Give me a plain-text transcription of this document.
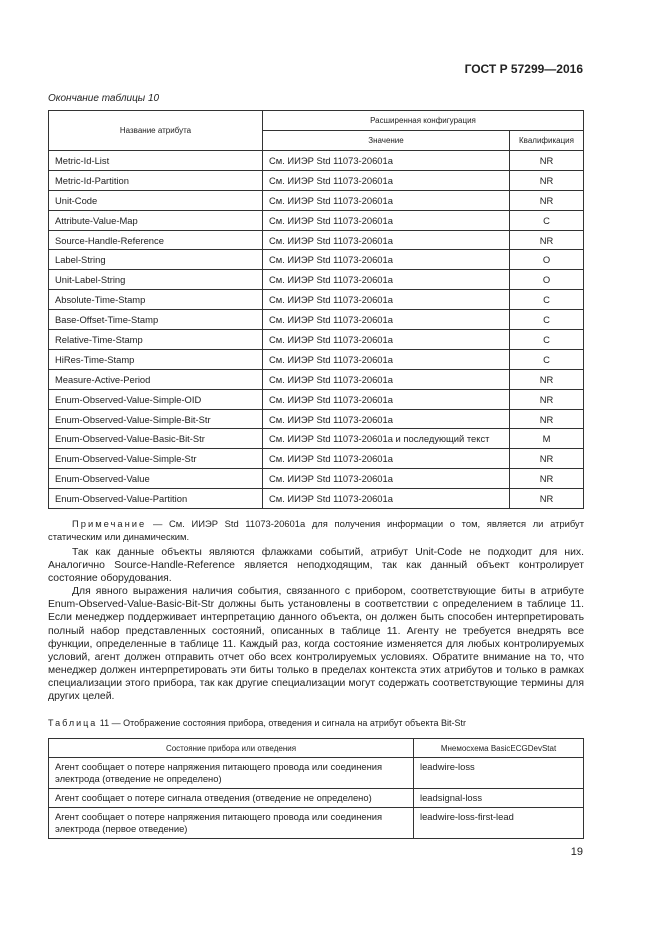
ГОСТ Р 57299—2016
Окончание таблицы 10
Название атрибута	Расширенная конфигурация	
	Значение	Квалификация
Metric-Id-List	См. ИИЭР Std 11073-20601a	NR
Metric-Id-Partition	См. ИИЭР Std 11073-20601a	NR
Unit-Code	См. ИИЭР Std 11073-20601a	NR
Attribute-Value-Map	См. ИИЭР Std 11073-20601a	C
Source-Handle-Reference	См. ИИЭР Std 11073-20601a	NR
Label-String	См. ИИЭР Std 11073-20601a	O
Unit-Label-String	См. ИИЭР Std 11073-20601a	O
Absolute-Time-Stamp	См. ИИЭР Std 11073-20601a	C
Base-Offset-Time-Stamp	См. ИИЭР Std 11073-20601a	C
Relative-Time-Stamp	См. ИИЭР Std 11073-20601a	C
HiRes-Time-Stamp	См. ИИЭР Std 11073-20601a	C
Measure-Active-Period	См. ИИЭР Std 11073-20601a	NR
Enum-Observed-Value-Simple-OID	См. ИИЭР Std 11073-20601a	NR
Enum-Observed-Value-Simple-Bit-Str	См. ИИЭР Std 11073-20601a	NR
Enum-Observed-Value-Basic-Bit-Str	См. ИИЭР Std 11073-20601a и последующий текст	M
Enum-Observed-Value-Simple-Str	См. ИИЭР Std 11073-20601a	NR
Enum-Observed-Value	См. ИИЭР Std 11073-20601a	NR
Enum-Observed-Value-Partition	См. ИИЭР Std 11073-20601a	NR
Примечание — См. ИИЭР Std 11073-20601a для получения информации о том, является ли атрибут статическим или динамическим.

Так как данные объекты являются флажками событий, атрибут Unit-Code не подходит для них. Аналогично Source-Handle-Reference является неподходящим, так как данный объект контролирует состояние оборудования.

Для явного выражения наличия события, связанного с прибором, соответствующие биты в атрибуте Enum-Observed-Value-Basic-Bit-Str должны быть установлены в соответствии с определением в таблице 11. Если менеджер поддерживает интерпретацию данного объекта, он должен быть способен интерпретировать полный набор представленных состояний, описанных в таблице 11. Агенту не требуется внедрять все функции, определенные в таблице 11. Каждый раз, когда состояние изменяется для любых контролируемых условий, агент должен отправить отчет обо всех контролируемых условиях. Обратите внимание на то, что менеджер должен интерпретировать эти биты только в пределах контекста этих атрибутов и только в рамках специализации этого прибора, так как другие специализации могут содержать соответствующие термины для других целей.

Таблица 11 — Отображение состояния прибора, отведения и сигнала на атрибут объекта Bit-Str
Состояние прибора или отведения	Мнемосхема BasicECGDevStat
Агент сообщает о потере напряжения питающего провода или соединения электрода (отведение не определено)	leadwire-loss
Агент сообщает о потере сигнала отведения (отведение не определено)	leadsignal-loss
Агент сообщает о потере напряжения питающего провода или соединения электрода (первое отведение)	leadwire-loss-first-lead
19
